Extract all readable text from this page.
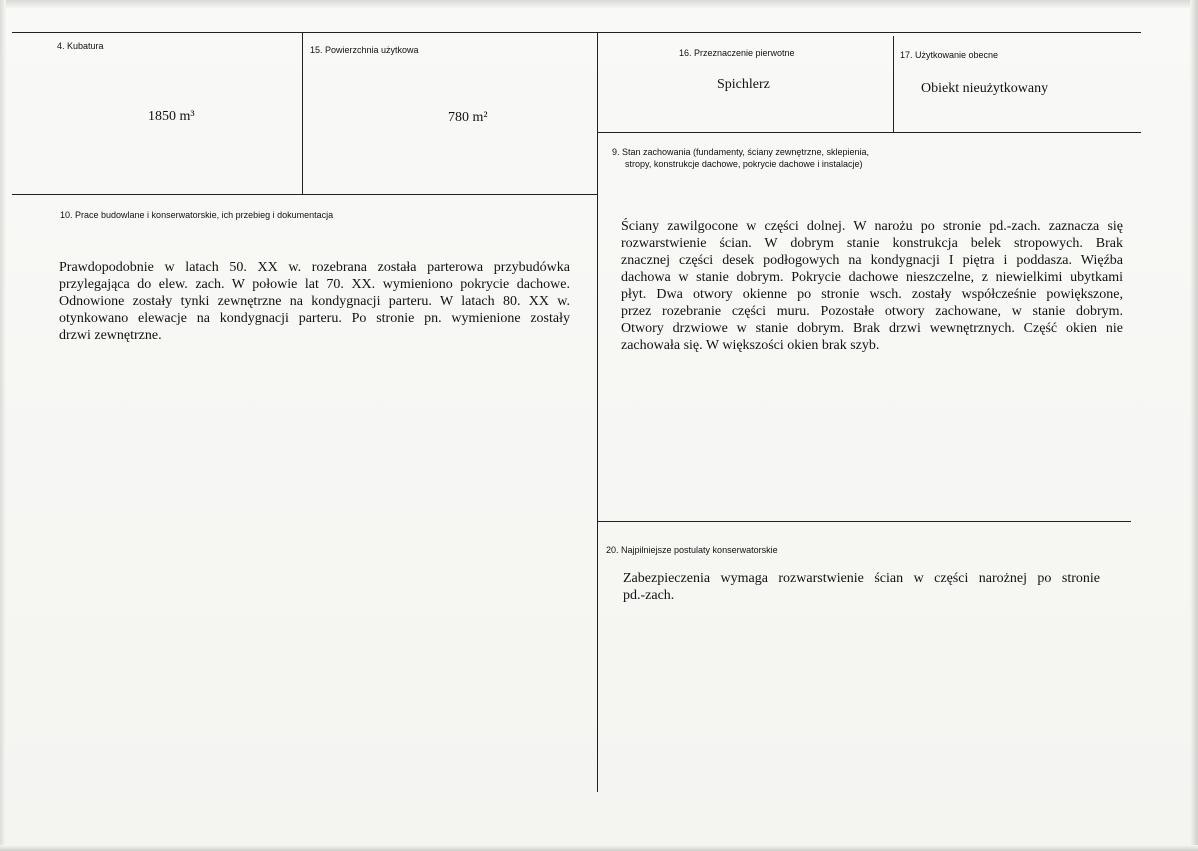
4. Kubatura
1850 m³
15. Powierzchnia użytkowa
780 m²
16. Przeznaczenie pierwotne
Spichlerz
17. Użytkowanie obecne
Obiekt nieużytkowany
9. Stan zachowania (fundamenty, ściany zewnętrzne, sklepienia,
stropy, konstrukcje dachowe, pokrycie dachowe i instalacje)
Ściany zawilgocone w części dolnej. W narożu po stronie pd.-zach. zaznacza się
rozwarstwienie ścian. W dobrym stanie konstrukcja belek stropowych. Brak
znacznej części desek podłogowych na kondygnacji I piętra i poddasza. Więźba
dachowa w stanie dobrym. Pokrycie dachowe nieszczelne, z niewielkimi ubytkami
płyt. Dwa otwory okienne po stronie wsch. zostały współcześnie powiększone,
przez rozebranie części muru. Pozostałe otwory zachowane, w stanie dobrym.
Otwory drzwiowe w stanie dobrym. Brak drzwi wewnętrznych. Część okien nie
zachowała się. W większości okien brak szyb.
10. Prace budowlane i konserwatorskie, ich przebieg i dokumentacja
Prawdopodobnie w latach 50. XX w. rozebrana została parterowa przybudówka
przylegająca do elew. zach. W połowie lat 70. XX. wymieniono pokrycie dachowe.
Odnowione zostały tynki zewnętrzne na kondygnacji parteru. W latach 80. XX w.
otynkowano elewacje na kondygnacji parteru. Po stronie pn. wymienione zostały
drzwi zewnętrzne.
20. Najpilniejsze postulaty konserwatorskie
Zabezpieczenia wymaga rozwarstwienie ścian w części narożnej po stronie
pd.-zach.
